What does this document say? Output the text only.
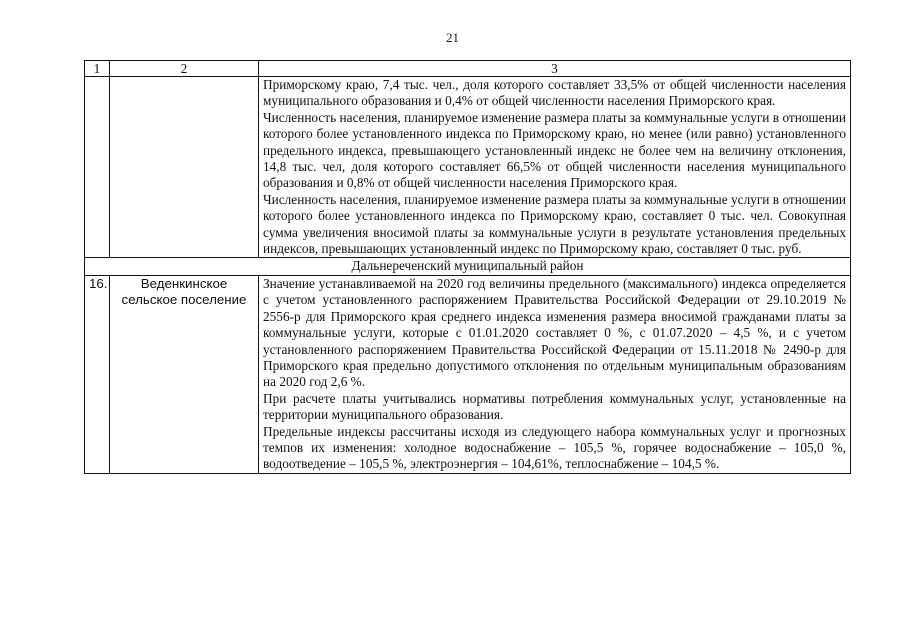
21
1	2	3

		Приморскому краю, 7,4 тыс. чел., доля которого составляет 33,5% от общей численности населения муниципального образования и 0,4% от общей численности населения Приморского края.

Численность населения, планируемое изменение размера платы за коммунальные услуги в отношении которого более установленного индекса по Приморскому краю, но менее (или равно) установленного предельного индекса, превышающего установленный индекс не более чем на величину отклонения, 14,8 тыс. чел, доля которого составляет 66,5% от общей численности населения муниципального образования и 0,8% от общей численности населения Приморского края.

Численность населения, планируемое изменение размера платы за коммунальные услуги в отношении которого более установленного индекса по Приморскому краю, составляет 0 тыс. чел. Совокупная сумма увеличения вносимой платы за коммунальные услуги в результате установления предельных индексов, превышающих установленный индекс по Приморскому краю, составляет 0 тыс. руб.

Дальнереченский муниципальный район		
16.	Веденкинское сельское поселение	Значение устанавливаемой на 2020 год величины предельного (максимального) индекса определяется с учетом установленного распоряжением Правительства Российской Федерации от 29.10.2019 № 2556-р для Приморского края среднего индекса изменения размера вносимой гражданами платы за коммунальные услуги, которые с 01.01.2020 составляет 0 %, с 01.07.2020 – 4,5 %, и с учетом установленного распоряжением Правительства Российской Федерации от 15.11.2018 № 2490-р для Приморского края предельно допустимого отклонения по отдельным муниципальным образованиям на 2020 год 2,6 %.

При расчете платы учитывались нормативы потребления коммунальных услуг, установленные на территории муниципального образования.

Предельные индексы рассчитаны исходя из следующего набора коммунальных услуг и прогнозных темпов их изменения: холодное водоснабжение – 105,5 %, горячее водоснабжение – 105,0 %, водоотведение – 105,5 %, электроэнергия – 104,61%, теплоснабжение – 104,5 %.
